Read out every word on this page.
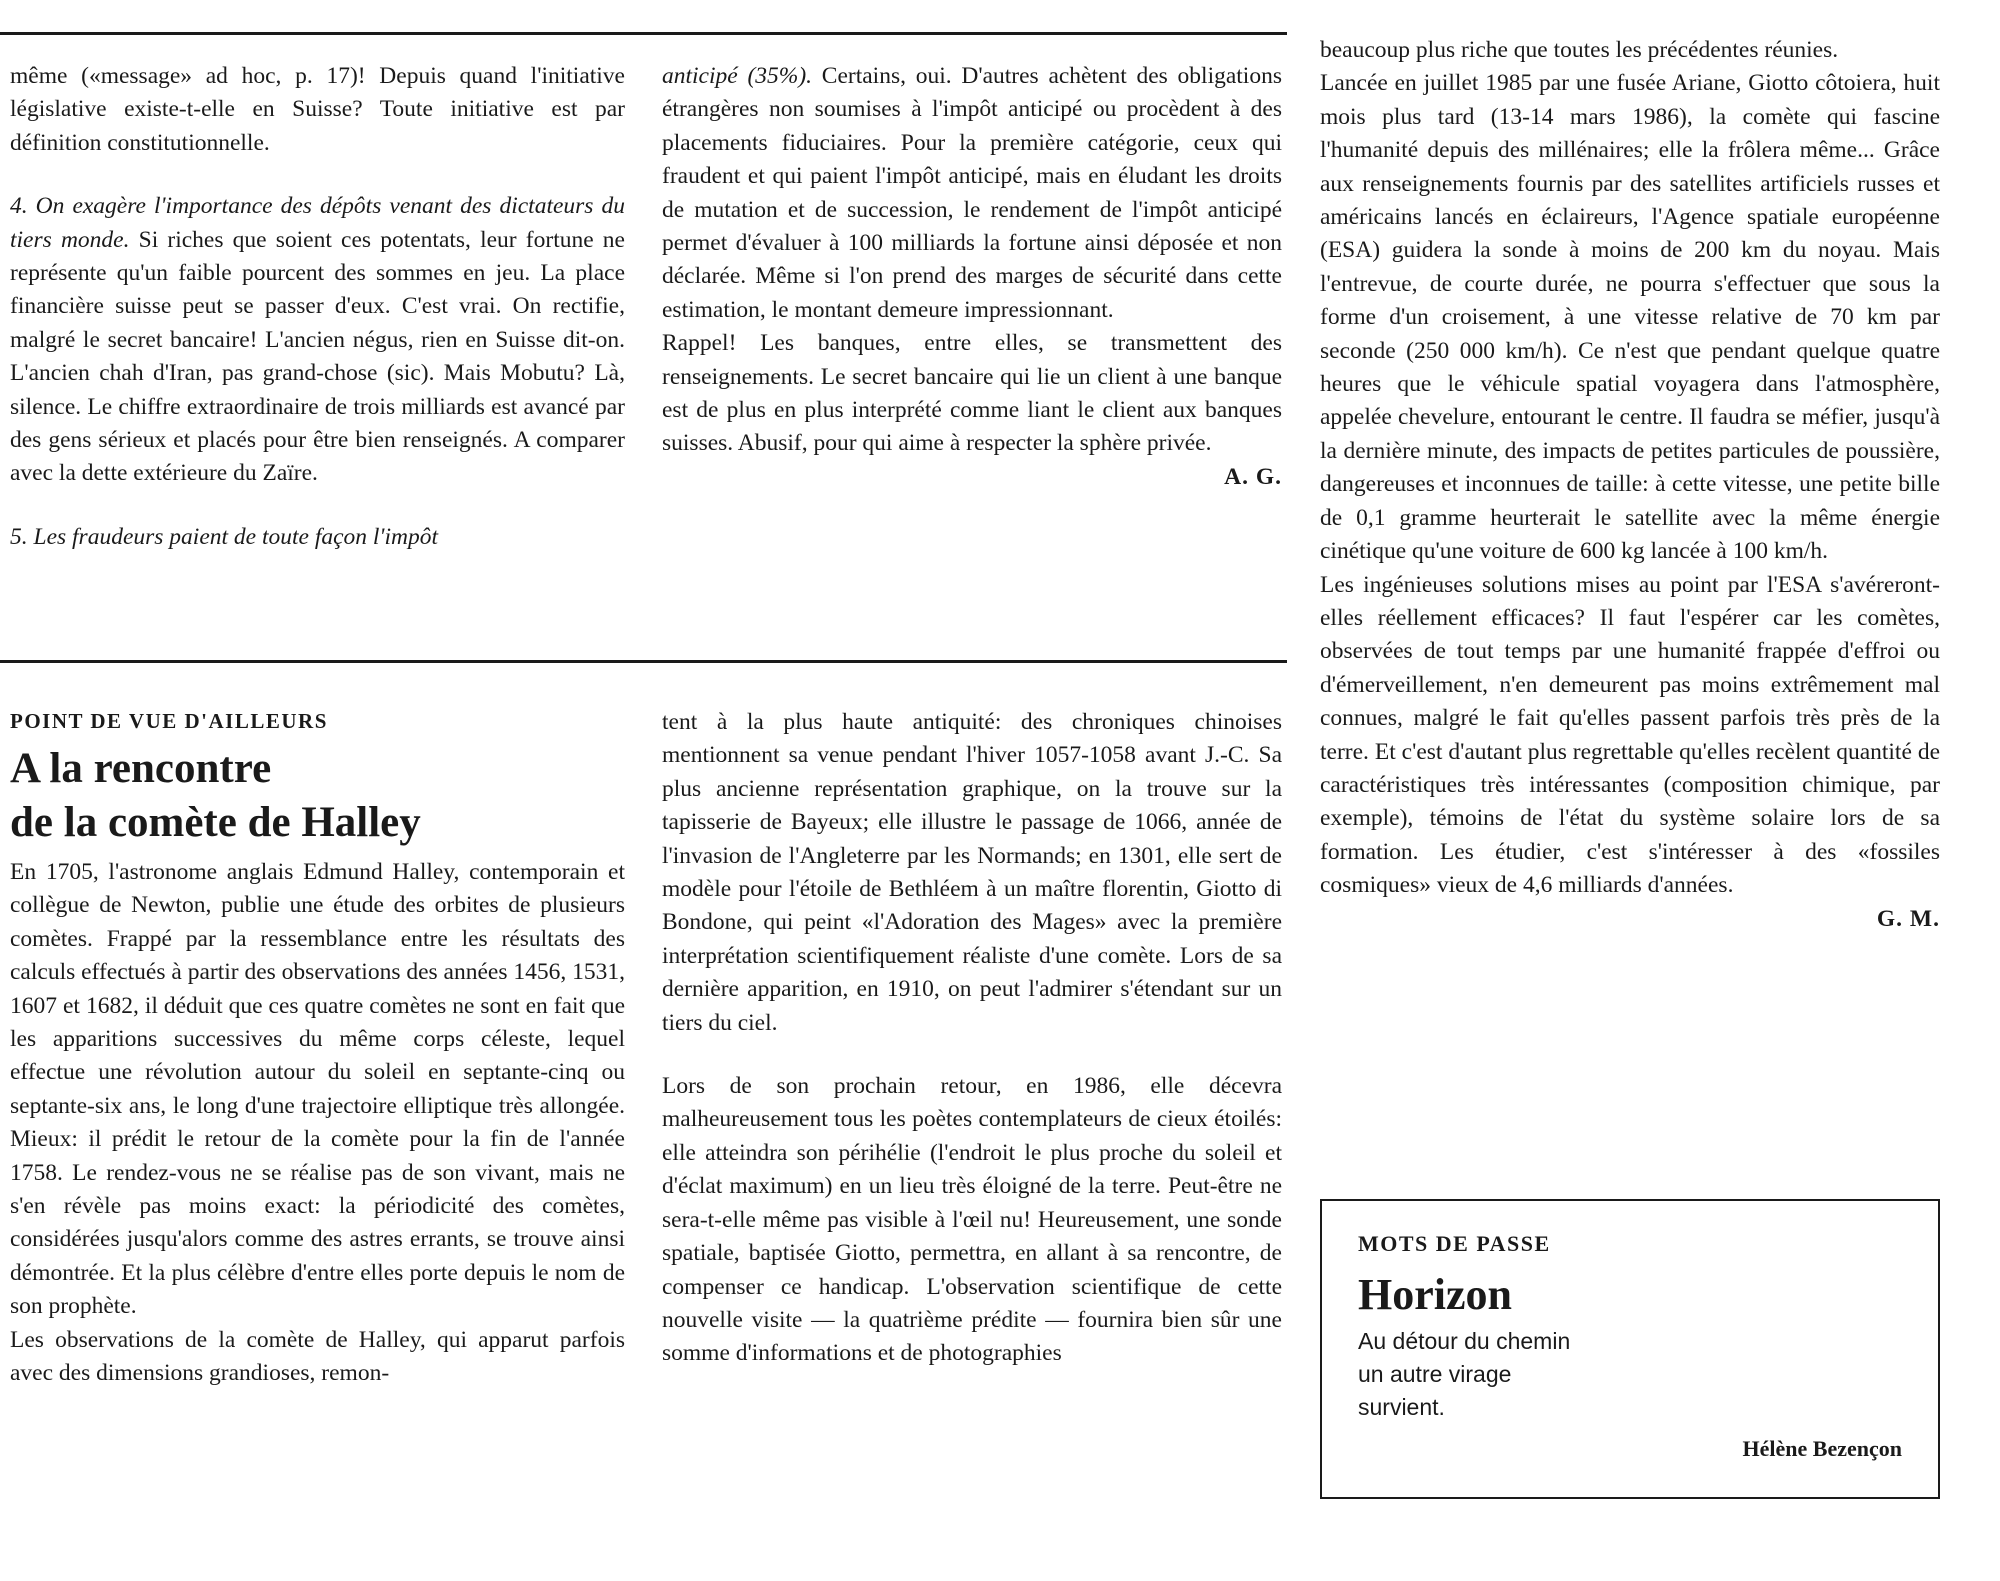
même («message» ad hoc, p. 17)! Depuis quand l'initiative législative existe-t-elle en Suisse? Toute initiative est par définition constitutionnelle.

4. On exagère l'importance des dépôts venant des dictateurs du tiers monde. Si riches que soient ces potentats, leur fortune ne représente qu'un faible pourcent des sommes en jeu. La place financière suisse peut se passer d'eux. C'est vrai. On rectifie, malgré le secret bancaire! L'ancien négus, rien en Suisse dit-on. L'ancien chah d'Iran, pas grand-chose (sic). Mais Mobutu? Là, silence. Le chiffre extraordinaire de trois milliards est avancé par des gens sérieux et placés pour être bien renseignés. A comparer avec la dette extérieure du Zaïre.

5. Les fraudeurs paient de toute façon l'impôt

anticipé (35%). Certains, oui. D'autres achètent des obligations étrangères non soumises à l'impôt anticipé ou procèdent à des placements fiduciaires. Pour la première catégorie, ceux qui fraudent et qui paient l'impôt anticipé, mais en éludant les droits de mutation et de succession, le rendement de l'impôt anticipé permet d'évaluer à 100 milliards la fortune ainsi déposée et non déclarée. Même si l'on prend des marges de sécurité dans cette estimation, le montant demeure impressionnant.

Rappel! Les banques, entre elles, se transmettent des renseignements. Le secret bancaire qui lie un client à une banque est de plus en plus interprété comme liant le client aux banques suisses. Abusif, pour qui aime à respecter la sphère privée.

A. G.

POINT DE VUE D'AILLEURS
A la rencontre
de la comète de Halley

En 1705, l'astronome anglais Edmund Halley, contemporain et collègue de Newton, publie une étude des orbites de plusieurs comètes. Frappé par la ressemblance entre les résultats des calculs effectués à partir des observations des années 1456, 1531, 1607 et 1682, il déduit que ces quatre comètes ne sont en fait que les apparitions successives du même corps céleste, lequel effectue une révolution autour du soleil en septante-cinq ou septante-six ans, le long d'une trajectoire elliptique très allongée. Mieux: il prédit le retour de la comète pour la fin de l'année 1758. Le rendez-vous ne se réalise pas de son vivant, mais ne s'en révèle pas moins exact: la périodicité des comètes, considérées jusqu'alors comme des astres errants, se trouve ainsi démontrée. Et la plus célèbre d'entre elles porte depuis le nom de son prophète.

Les observations de la comète de Halley, qui apparut parfois avec des dimensions grandioses, remon-

tent à la plus haute antiquité: des chroniques chinoises mentionnent sa venue pendant l'hiver 1057-1058 avant J.-C. Sa plus ancienne représentation graphique, on la trouve sur la tapisserie de Bayeux; elle illustre le passage de 1066, année de l'invasion de l'Angleterre par les Normands; en 1301, elle sert de modèle pour l'étoile de Bethléem à un maître florentin, Giotto di Bondone, qui peint «l'Adoration des Mages» avec la première interprétation scientifiquement réaliste d'une comète. Lors de sa dernière apparition, en 1910, on peut l'admirer s'étendant sur un tiers du ciel.

Lors de son prochain retour, en 1986, elle décevra malheureusement tous les poètes contemplateurs de cieux étoilés: elle atteindra son périhélie (l'endroit le plus proche du soleil et d'éclat maximum) en un lieu très éloigné de la terre. Peut-être ne sera-t-elle même pas visible à l'œil nu! Heureusement, une sonde spatiale, baptisée Giotto, permettra, en allant à sa rencontre, de compenser ce handicap. L'observation scientifique de cette nouvelle visite — la quatrième prédite — fournira bien sûr une somme d'informations et de photographies

beaucoup plus riche que toutes les précédentes réunies.

Lancée en juillet 1985 par une fusée Ariane, Giotto côtoiera, huit mois plus tard (13-14 mars 1986), la comète qui fascine l'humanité depuis des millénaires; elle la frôlera même... Grâce aux renseignements fournis par des satellites artificiels russes et américains lancés en éclaireurs, l'Agence spatiale européenne (ESA) guidera la sonde à moins de 200 km du noyau. Mais l'entrevue, de courte durée, ne pourra s'effectuer que sous la forme d'un croisement, à une vitesse relative de 70 km par seconde (250 000 km/h). Ce n'est que pendant quelque quatre heures que le véhicule spatial voyagera dans l'atmosphère, appelée chevelure, entourant le centre. Il faudra se méfier, jusqu'à la dernière minute, des impacts de petites particules de poussière, dangereuses et inconnues de taille: à cette vitesse, une petite bille de 0,1 gramme heurterait le satellite avec la même énergie cinétique qu'une voiture de 600 kg lancée à 100 km/h.

Les ingénieuses solutions mises au point par l'ESA s'avéreront-elles réellement efficaces? Il faut l'espérer car les comètes, observées de tout temps par une humanité frappée d'effroi ou d'émerveillement, n'en demeurent pas moins extrêmement mal connues, malgré le fait qu'elles passent parfois très près de la terre. Et c'est d'autant plus regrettable qu'elles recèlent quantité de caractéristiques très intéressantes (composition chimique, par exemple), témoins de l'état du système solaire lors de sa formation. Les étudier, c'est s'intéresser à des «fossiles cosmiques» vieux de 4,6 milliards d'années.

G. M.

MOTS DE PASSE
Horizon
Au détour du chemin
un autre virage
survient.
Hélène Bezençon
